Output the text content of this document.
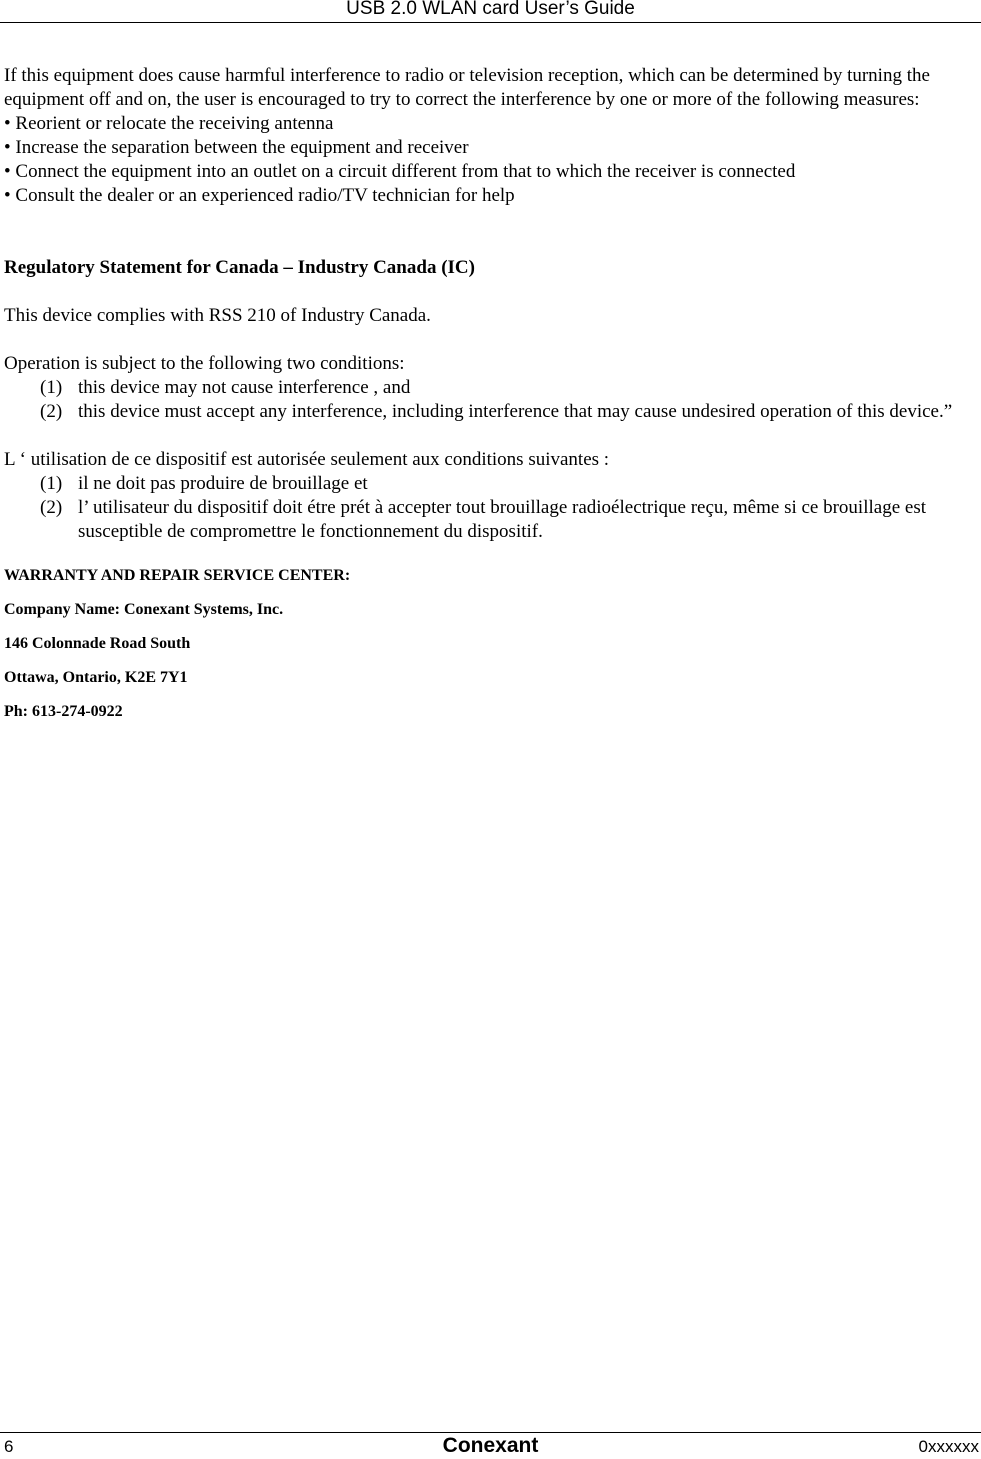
USB 2.0 WLAN card User’s Guide

If this equipment does cause harmful interference to radio or television reception, which can be determined by turning the equipment off and on, the user is encouraged to try to correct the interference by one or more of the following measures:

• Reorient or relocate the receiving antenna

• Increase the separation between the equipment and receiver

• Connect the equipment into an outlet on a circuit different from that to which the receiver is connected

• Consult the dealer or an experienced radio/TV technician for help

Regulatory Statement for Canada – Industry Canada (IC)

This device complies with RSS 210 of Industry Canada.

Operation is subject to the following two conditions:

(1) this device may not cause interference , and
(2) this device must accept any interference, including interference that may cause undesired operation of this device.”

L ‘ utilisation de ce dispositif est autorisée seulement aux conditions suivantes :

(1) il ne doit pas produire de brouillage et
(2) l’ utilisateur du dispositif doit étre prét à accepter tout brouillage radioélectrique reçu, même si ce brouillage est susceptible de compromettre le fonctionnement du dispositif.

WARRANTY AND REPAIR SERVICE CENTER:

Company Name: Conexant Systems, Inc.

146 Colonnade Road South

Ottawa, Ontario, K2E 7Y1

Ph: 613-274-0922

6	Conexant	0xxxxxx
